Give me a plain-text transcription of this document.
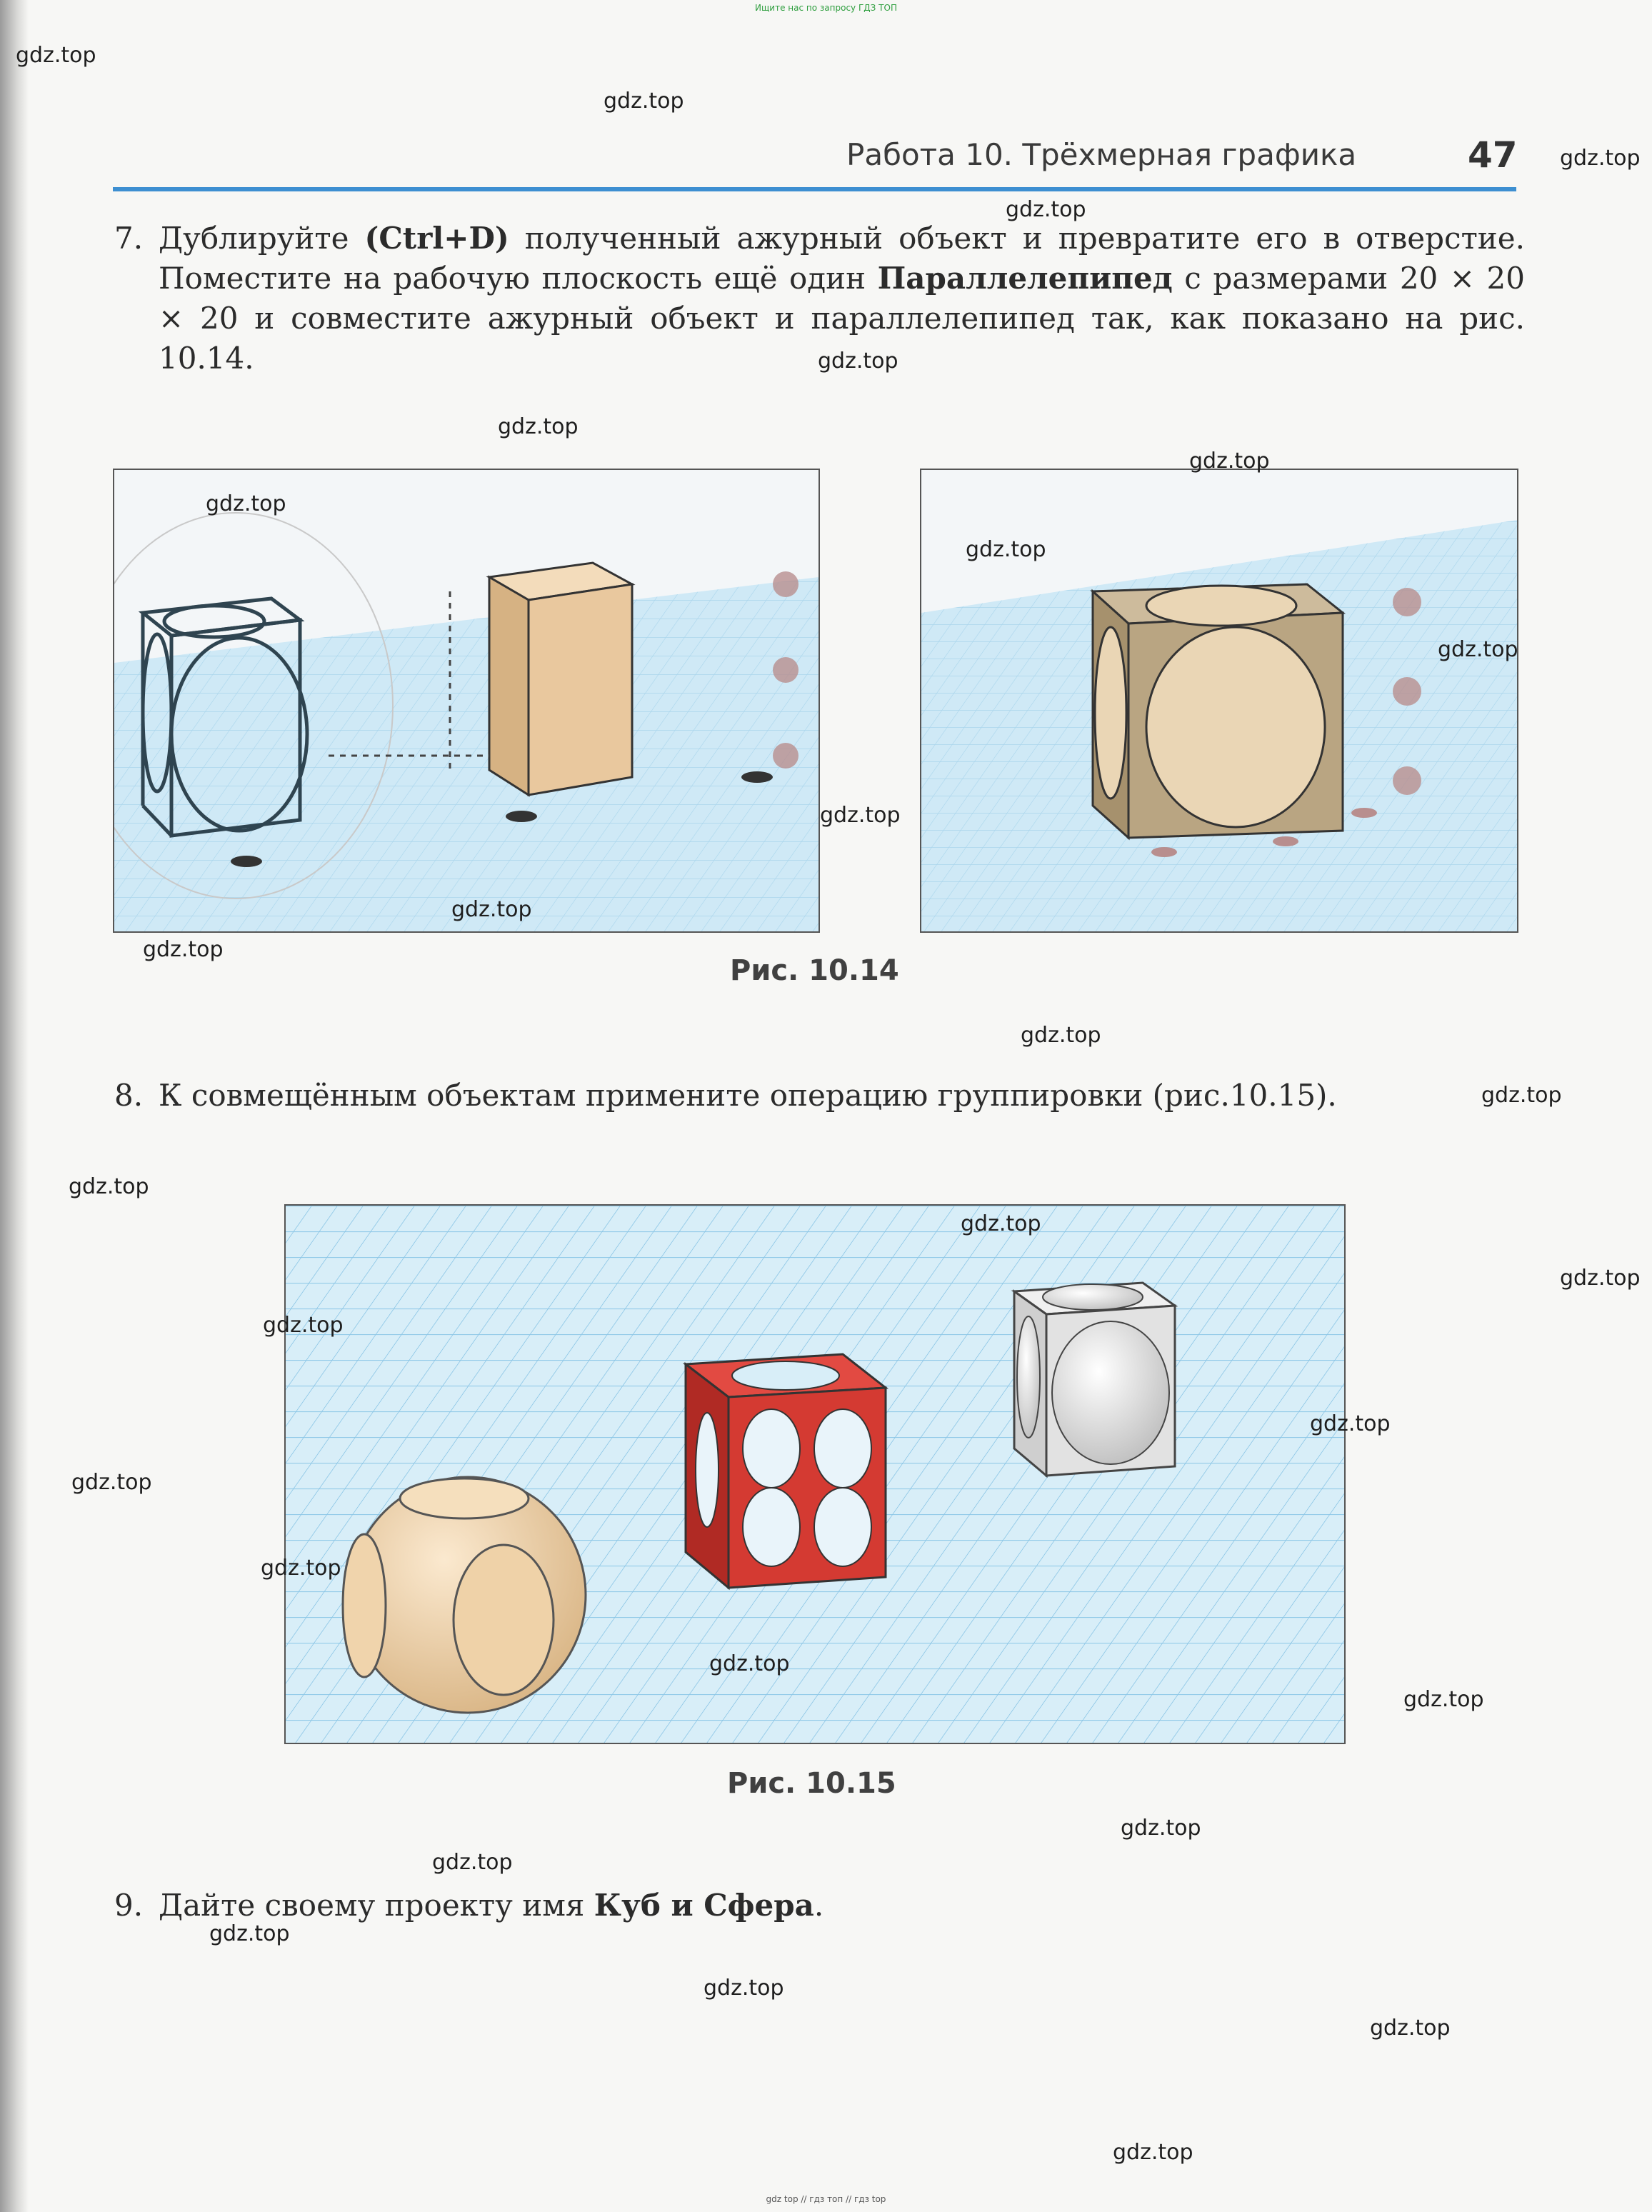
Ищите нас по запросу ГДЗ ТОП
Работа 10. Трёхмерная графика	47
7. Дублируйте (Ctrl+D) полученный ажурный объект и превратите его в отверстие. Поместите на рабочую плоскость ещё один Параллелепипед с размерами 20 × 20 × 20 и совместите ажурный объект и параллелепипед так, как показано на рис. 10.14.
Рис. 10.14
8. К совмещённым объектам примените операцию группировки (рис.10.15).
Рис. 10.15
9. Дайте своему проекту имя Куб и Сфера.
gdz.top
gdz.top
gdz.top
gdz.top
gdz.top
gdz.top
gdz.top
gdz.top
gdz.top
gdz.top
gdz.top
gdz.top
gdz.top
gdz.top
gdz.top
gdz.top
gdz.top
gdz.top
gdz.top
gdz.top
gdz.top
gdz.top
gdz.top
gdz.top
gdz.top
gdz.top
gdz.top
gdz.top
gdz.top
gdz.top
gdz top // гдз топ // гдз top
